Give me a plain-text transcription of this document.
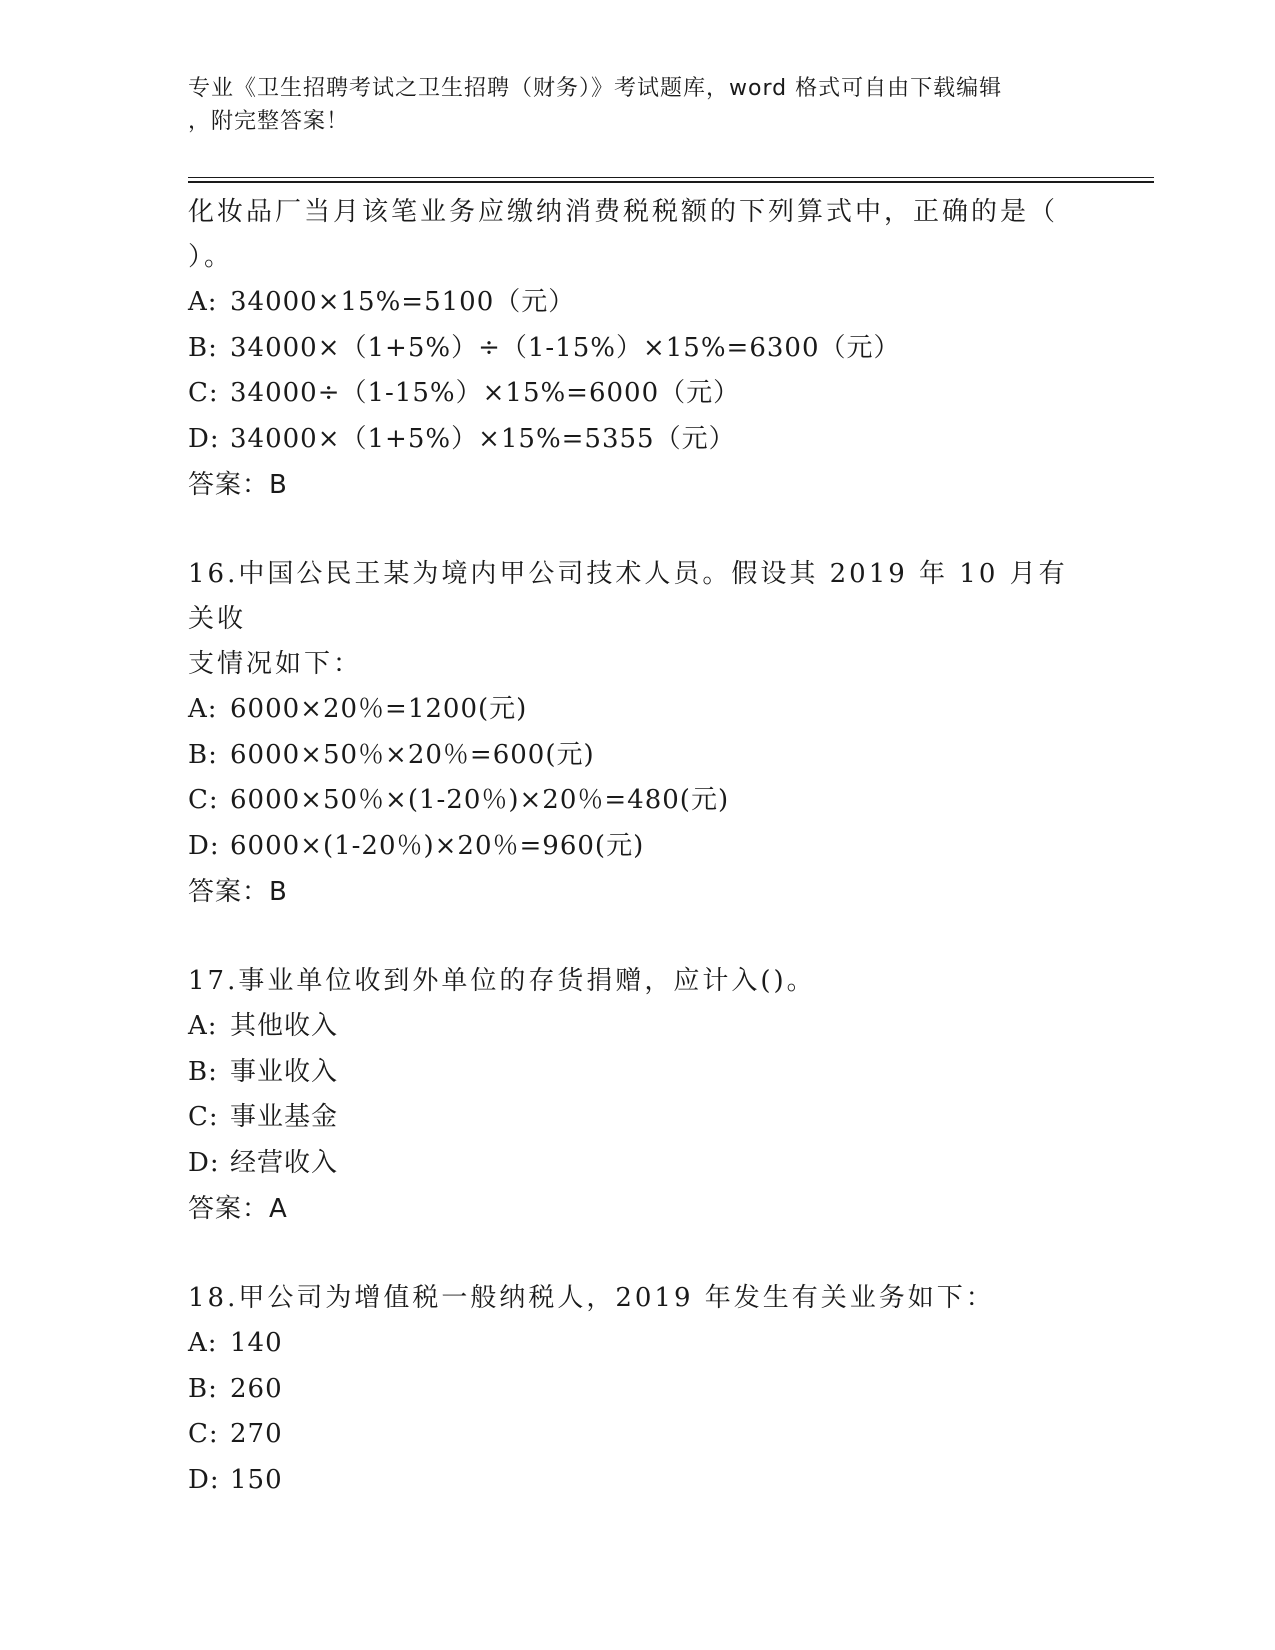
专业《卫生招聘考试之卫生招聘（财务）》考试题库，word 格式可自由下载编辑
，附完整答案！
化妆品厂当月该笔业务应缴纳消费税税额的下列算式中，正确的是（
）。
A: 34000×15%=5100（元）
B: 34000×（1+5%）÷（1-15%）×15%=6300（元）
C: 34000÷（1-15%）×15%=6000（元）
D: 34000×（1+5%）×15%=5355（元）
答案：B
16.中国公民王某为境内甲公司技术人员。假设其 2019 年 10 月有关收
支情况如下：
A: 6000×20％=1200(元)
B: 6000×50％×20％=600(元)
C: 6000×50％×(1-20％)×20％=480(元)
D: 6000×(1-20％)×20％=960(元)
答案：B
17.事业单位收到外单位的存货捐赠，应计入()。
A: 其他收入
B: 事业收入
C: 事业基金
D: 经营收入
答案：A
18.甲公司为增值税一般纳税人，2019 年发生有关业务如下：
A: 140
B: 260
C: 270
D: 150
